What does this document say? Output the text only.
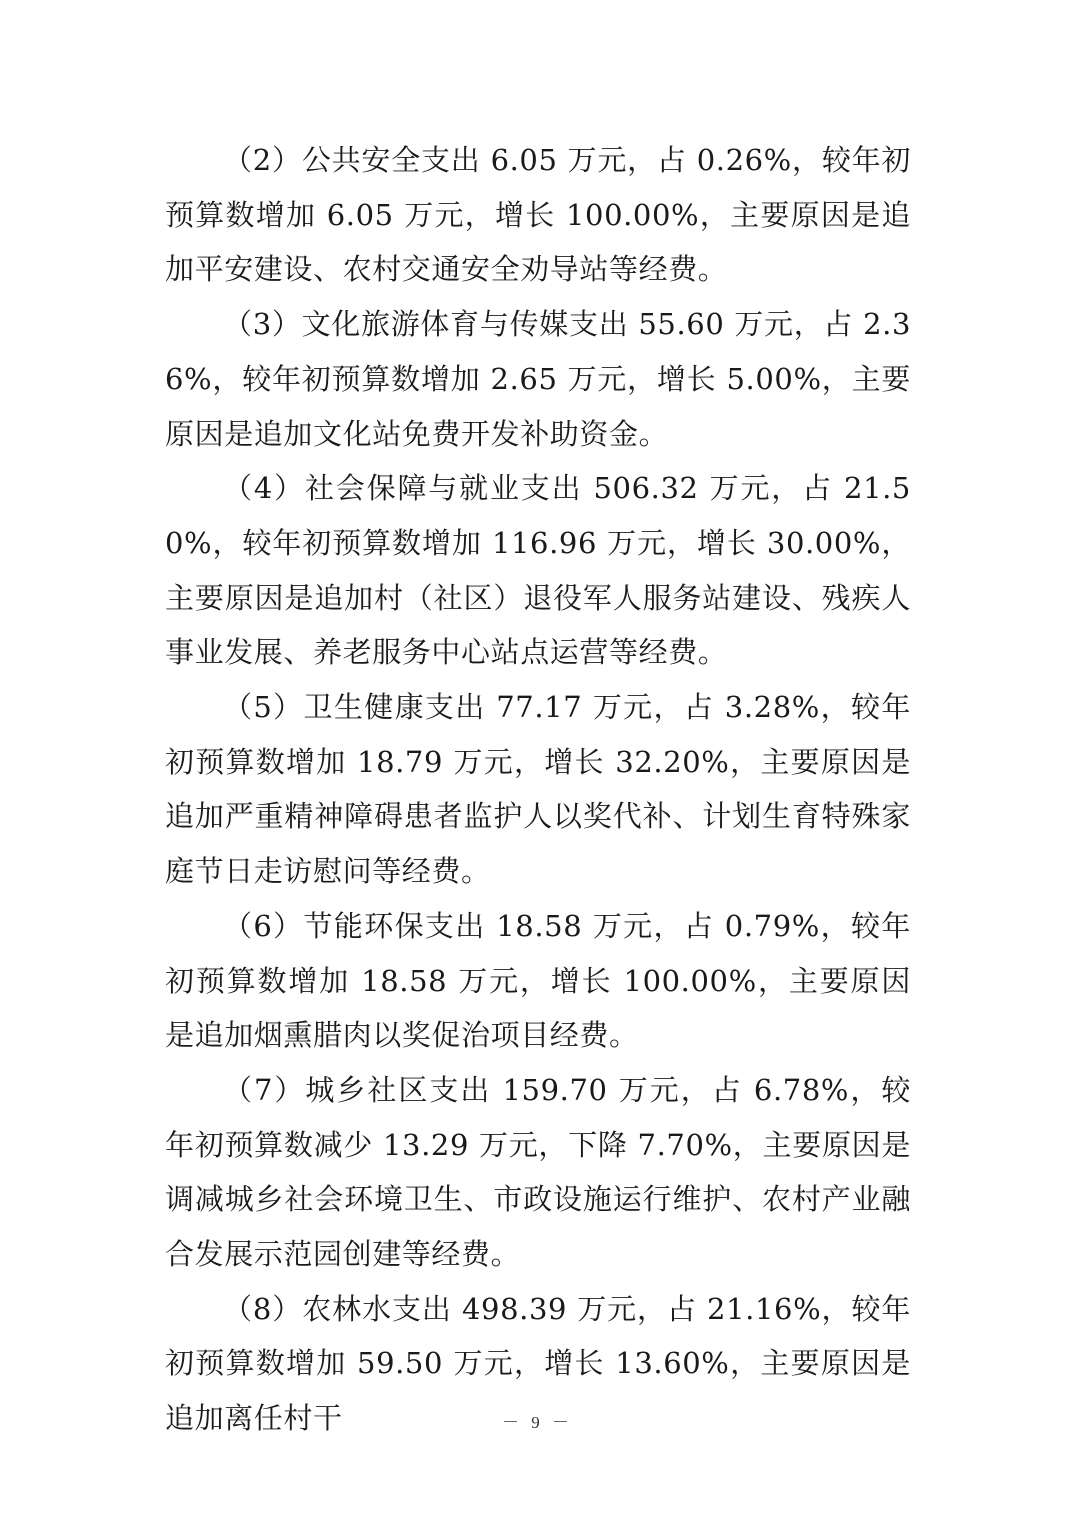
（2）公共安全支出 6.05 万元，占 0.26%，较年初预算数增加 6.05 万元，增长 100.00%，主要原因是追加平安建设、农村交通安全劝导站等经费。

（3）文化旅游体育与传媒支出 55.60 万元，占 2.36%，较年初预算数增加 2.65 万元，增长 5.00%，主要原因是追加文化站免费开发补助资金。

（4）社会保障与就业支出 506.32 万元，占 21.50%，较年初预算数增加 116.96 万元，增长 30.00%，主要原因是追加村（社区）退役军人服务站建设、残疾人事业发展、养老服务中心站点运营等经费。

（5）卫生健康支出 77.17 万元，占 3.28%，较年初预算数增加 18.79 万元，增长 32.20%，主要原因是追加严重精神障碍患者监护人以奖代补、计划生育特殊家庭节日走访慰问等经费。

（6）节能环保支出 18.58 万元，占 0.79%，较年初预算数增加 18.58 万元，增长 100.00%，主要原因是追加烟熏腊肉以奖促治项目经费。

（7）城乡社区支出 159.70 万元，占 6.78%，较年初预算数减少 13.29 万元，下降 7.70%，主要原因是调减城乡社会环境卫生、市政设施运行维护、农村产业融合发展示范园创建等经费。

（8）农林水支出 498.39 万元，占 21.16%，较年初预算数增加 59.50 万元，增长 13.60%，主要原因是追加离任村干	－ 9 －
